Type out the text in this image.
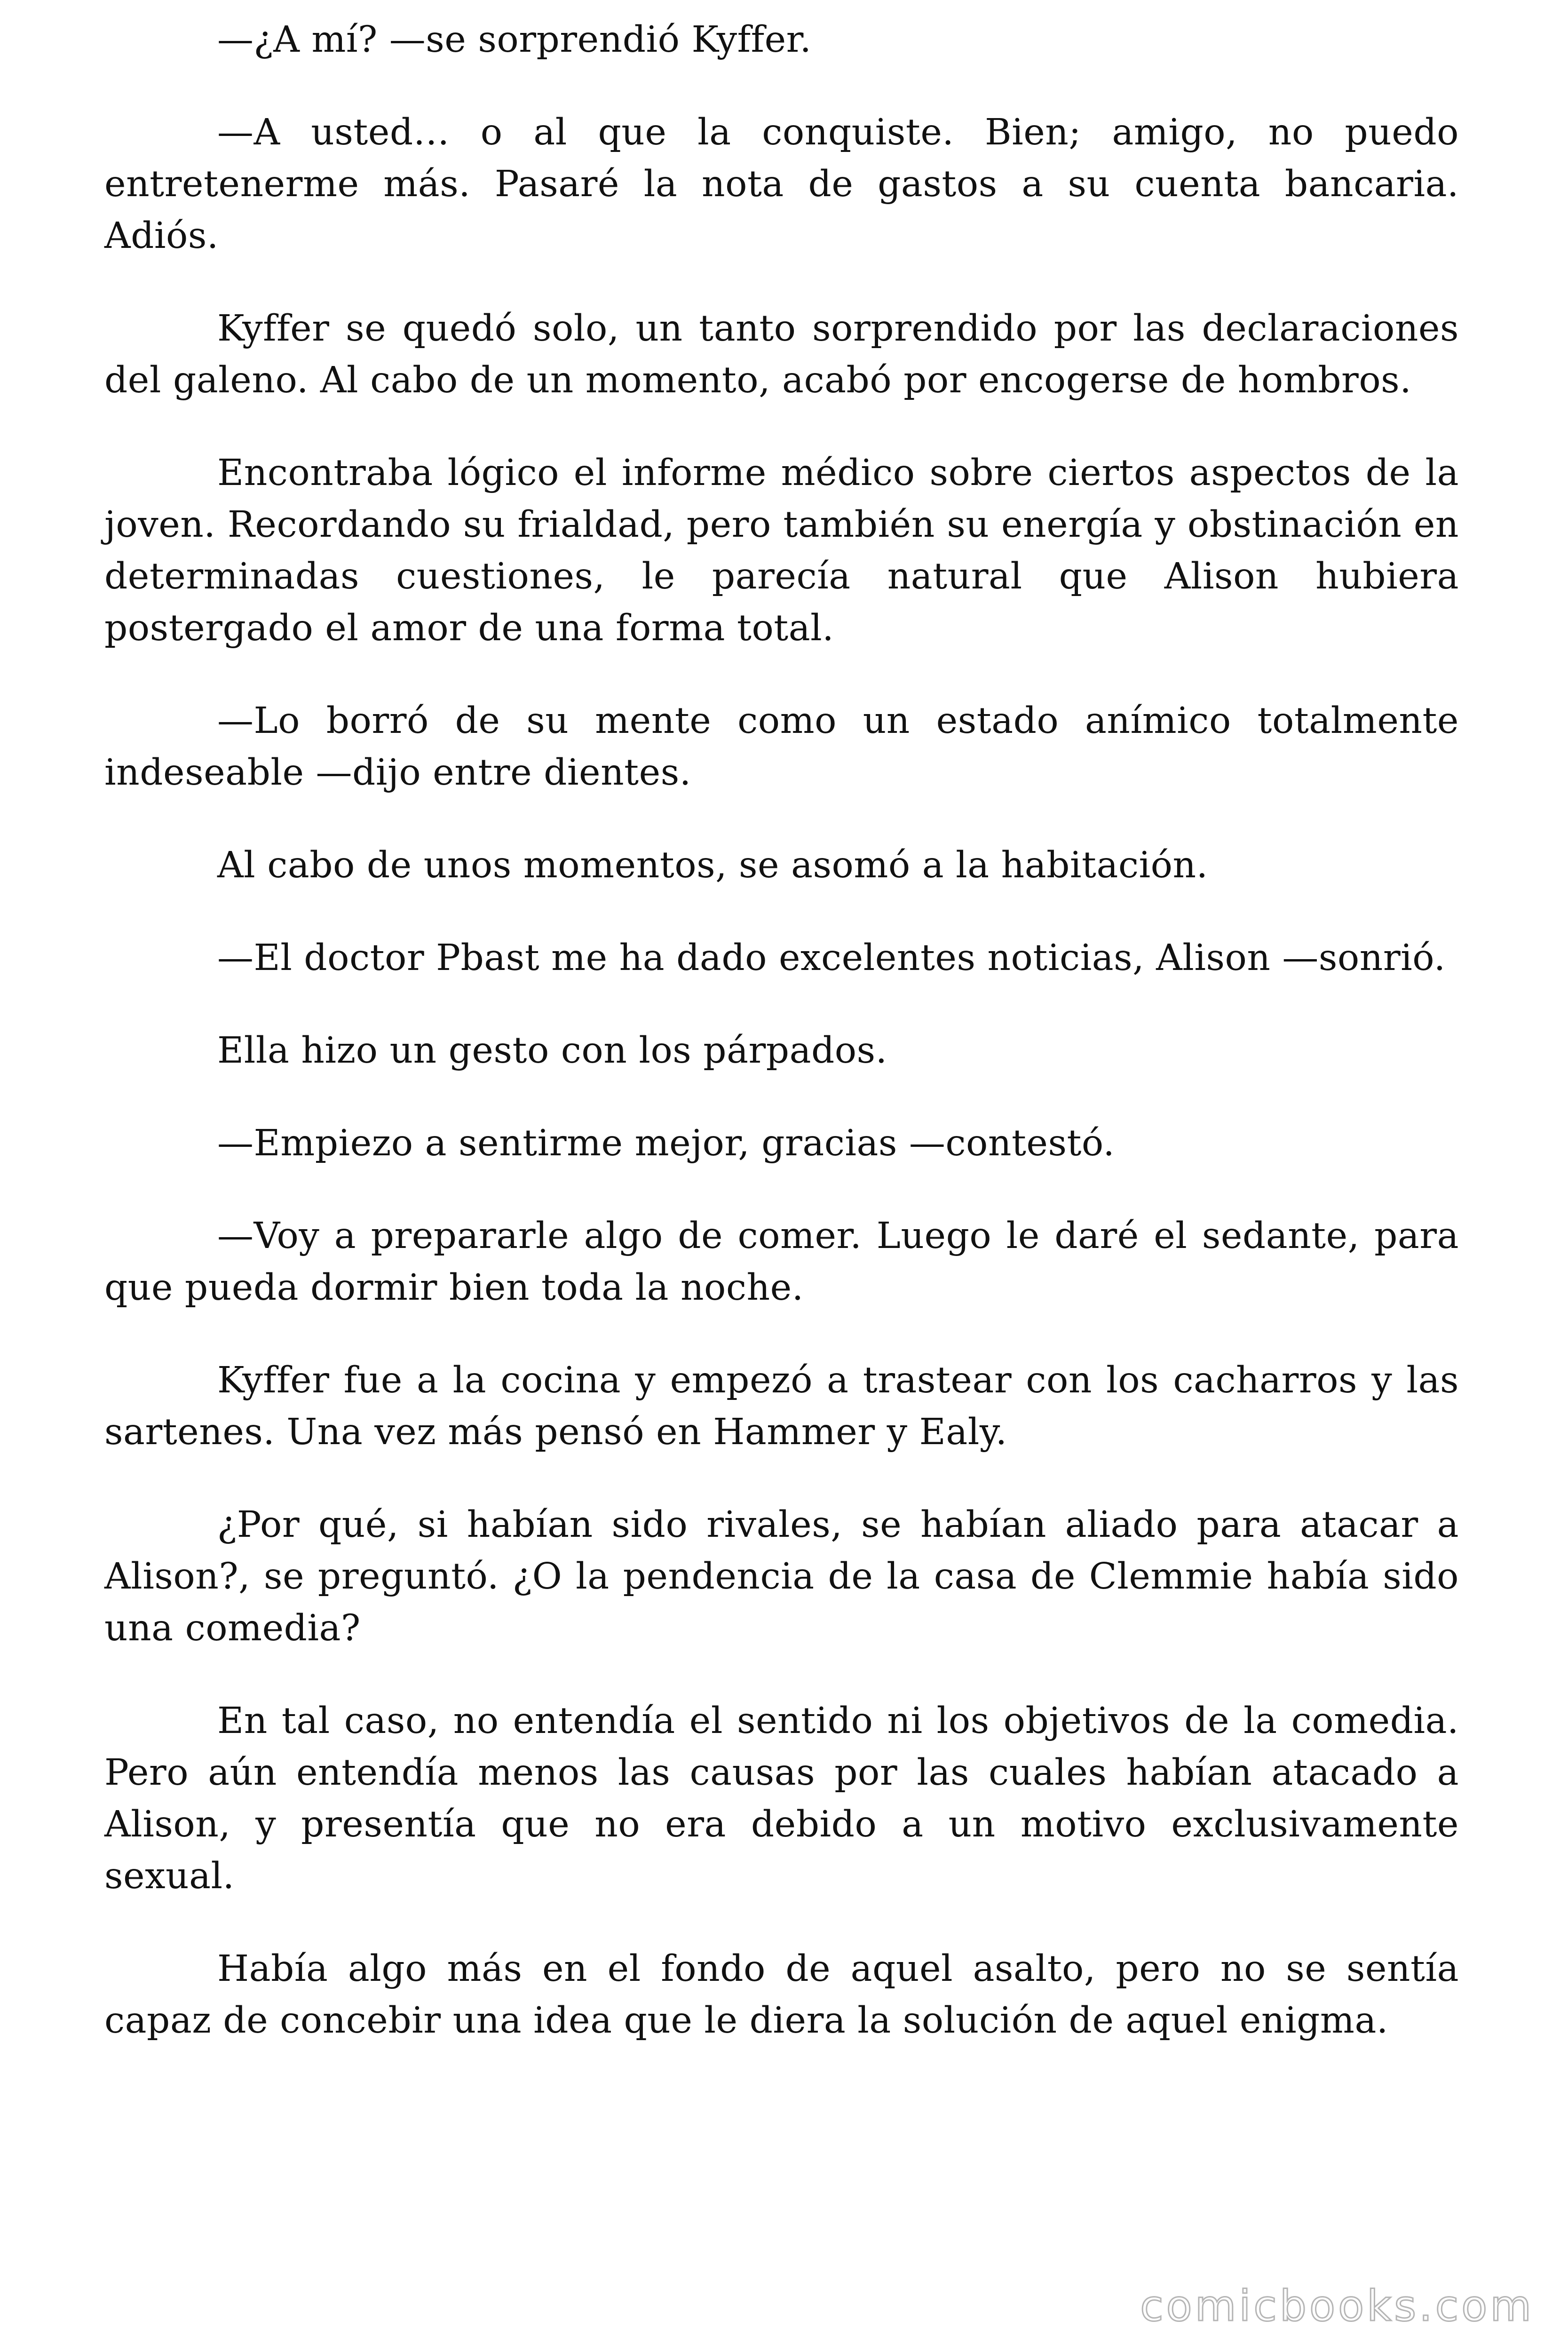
—¿A mí? —se sorprendió Kyffer.

—A usted… o al que la conquiste. Bien; amigo, no puedo entretenerme más. Pasaré la nota de gastos a su cuenta bancaria. Adiós.

Kyffer se quedó solo, un tanto sorprendido por las declaraciones del galeno. Al cabo de un momento, acabó por encogerse de hombros.

Encontraba lógico el informe médico sobre ciertos aspectos de la joven. Recordando su frialdad, pero también su energía y obstinación en determinadas cuestiones, le parecía natural que Alison hubiera postergado el amor de una forma total.

—Lo borró de su mente como un estado anímico totalmente indeseable —dijo entre dientes.

Al cabo de unos momentos, se asomó a la habitación.

—El doctor Pbast me ha dado excelentes noticias, Alison —sonrió.

Ella hizo un gesto con los párpados.

—Empiezo a sentirme mejor, gracias —contestó.

—Voy a prepararle algo de comer. Luego le daré el sedante, para que pueda dormir bien toda la noche.

Kyffer fue a la cocina y empezó a trastear con los cacharros y las sartenes. Una vez más pensó en Hammer y Ealy.

¿Por qué, si habían sido rivales, se habían aliado para atacar a Alison?, se preguntó. ¿O la pendencia de la casa de Clemmie había sido una comedia?

En tal caso, no entendía el sentido ni los objetivos de la comedia. Pero aún entendía menos las causas por las cuales habían atacado a Alison, y presentía que no era debido a un motivo exclusivamente sexual.

Había algo más en el fondo de aquel asalto, pero no se sentía capaz de concebir una idea que le diera la solución de aquel enigma.

comicbooks.com
